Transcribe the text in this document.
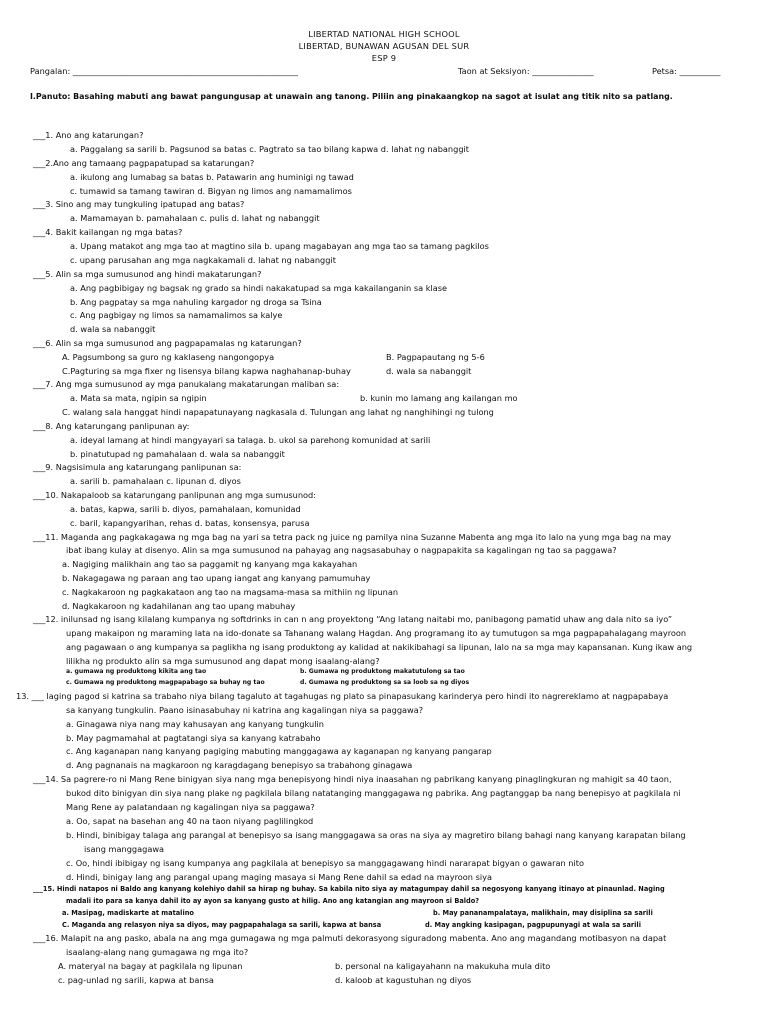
LIBERTAD NATIONAL HIGH SCHOOL
LIBERTAD, BUNAWAN AGUSAN DEL SUR
ESP 9
Pangalan: _______________________________________________________	Taon at Seksiyon: _______________	Petsa: __________
I.Panuto: Basahing mabuti ang bawat pangungusap at unawain ang tanong. Piliin ang pinakaangkop na sagot at isulat ang titik nito sa patlang.
___1. Ano ang katarungan?
a. Paggalang sa sarili b. Pagsunod sa batas c. Pagtrato sa tao bilang kapwa d. lahat ng nabanggit
___2.Ano ang tamaang pagpapatupad sa katarungan?
a. ikulong ang lumabag sa batas b. Patawarin ang huminigi ng tawad
c. tumawid sa tamang tawiran d. Bigyan ng limos ang namamalimos
___3. Sino ang may tungkuling ipatupad ang batas?
a. Mamamayan b. pamahalaan c. pulis d. lahat ng nabanggit
___4. Bakit kailangan ng mga batas?
a. Upang matakot ang mga tao at magtino sila b. upang magabayan ang mga tao sa tamang pagkilos
c. upang parusahan ang mga nagkakamali d. lahat ng nabanggit
___5. Alin sa mga sumusunod ang hindi makatarungan?
a. Ang pagbibigay ng bagsak ng grado sa hindi nakakatupad sa mga kakailanganin sa klase
b. Ang pagpatay sa mga nahuling kargador ng droga sa Tsina
c. Ang pagbigay ng limos sa namamalimos sa kalye
d. wala sa nabanggit
___6. Alin sa mga sumusunod ang pagpapamalas ng katarungan?
A. Pagsumbong sa guro ng kaklaseng nangongopya	B. Pagpapautang ng 5-6
C.Pagturing sa mga fixer ng lisensya bilang kapwa naghahanap-buhay	d. wala sa nabanggit
___7. Ang mga sumusunod ay mga panukalang makatarungan maliban sa:
a. Mata sa mata, ngipin sa ngipin	b. kunin mo lamang ang kailangan mo
C. walang sala hanggat hindi napapatunayang nagkasala d. Tulungan ang lahat ng nanghihingi ng tulong
___8. Ang katarungang panlipunan ay:
a. ideyal lamang at hindi mangyayari sa talaga. b. ukol sa parehong komunidad at sarili
b. pinatutupad ng pamahalaan d. wala sa nabanggit
___9. Nagsisimula ang katarungang panlipunan sa:
a. sarili b. pamahalaan c. lipunan d. diyos
___10. Nakapaloob sa katarungang panlipunan ang mga sumusunod:
a. batas, kapwa, sarili b. diyos, pamahalaan, komunidad
c. baril, kapangyarihan, rehas d. batas, konsensya, parusa
___11. Maganda ang pagkakagawa ng mga bag na yari sa tetra pack ng juice ng pamilya nina Suzanne Mabenta ang mga ito lalo na yung mga bag na may
ibat ibang kulay at disenyo. Alin sa mga sumusunod na pahayag ang nagsasabuhay o nagpapakita sa kagalingan ng tao sa paggawa?
a. Nagiging malikhain ang tao sa paggamit ng kanyang mga kakayahan
b. Nakagagawa ng paraan ang tao upang iangat ang kanyang pamumuhay
c. Nagkakaroon ng pagkakataon ang tao na magsama-masa sa mithiin ng lipunan
d. Nagkakaroon ng kadahilanan ang tao upang mabuhay
___12. inilunsad ng isang kilalang kumpanya ng softdrinks in can n ang proyektong “Ang latang naitabi mo, panibagong pamatid uhaw ang dala nito sa iyo”
upang makaipon ng maraming lata na ido-donate sa Tahanang walang Hagdan. Ang programang ito ay tumutugon sa mga pagpapahalagang mayroon
ang pagawaan o ang kumpanya sa paglikha ng isang produktong ay kalidad at nakikibahagi sa lipunan, lalo na sa mga may kapansanan. Kung ikaw ang
lilikha ng produkto alin sa mga sumusunod ang dapat mong isaalang-alang?
a. gumawa ng produktong kikita ang tao	b. Gumawa ng produktong makatutulong sa tao
c. Gumawa ng produktong magpapabago sa buhay ng tao	d. Gumawa ng produktong sa sa loob sa ng diyos
13. ___ laging pagod si katrina sa trabaho niya bilang tagaluto at tagahugas ng plato sa pinapasukang karinderya pero hindi ito nagrereklamo at nagpapabaya
sa kanyang tungkulin. Paano isinasabuhay ni katrina ang kagalingan niya sa paggawa?
a. Ginagawa niya nang may kahusayan ang kanyang tungkulin
b. May pagmamahal at pagtatangi siya sa kanyang katrabaho
c. Ang kaganapan nang kanyang pagiging mabuting manggagawa ay kaganapan ng kanyang pangarap
d. Ang pagnanais na magkaroon ng karagdagang benepisyo sa trabahong ginagawa
___14. Sa pagrere-ro ni Mang Rene binigyan siya nang mga benepisyong hindi niya inaasahan ng pabrikang kanyang pinaglingkuran ng mahigit sa 40 taon,
bukod dito binigyan din siya nang plake ng pagkilala bilang natatanging manggagawa ng pabrika. Ang pagtanggap ba nang benepisyo at pagkilala ni
Mang Rene ay palatandaan ng kagalingan niya sa paggawa?
a. Oo, sapat na basehan ang 40 na taon niyang paglilingkod
b. Hindi, binibigay talaga ang parangal at benepisyo sa isang manggagawa sa oras na siya ay magretiro bilang bahagi nang kanyang karapatan bilang
isang manggagawa
c. Oo, hindi ibibigay ng isang kumpanya ang pagkilala at benepisyo sa manggagawang hindi nararapat bigyan o gawaran nito
d. Hindi, binigay lang ang parangal upang maging masaya si Mang Rene dahil sa edad na mayroon siya
___15. Hindi natapos ni Baldo ang kanyang kolehiyo dahil sa hirap ng buhay. Sa kabila nito siya ay matagumpay dahil sa negosyong kanyang itinayo at pinaunlad. Naging
madali ito para sa kanya dahil ito ay ayon sa kanyang gusto at hilig. Ano ang katangian ang mayroon si Baldo?
a. Masipag, madiskarte at matalino	b. May pananampalataya, malikhain, may disiplina sa sarili
C. Maganda ang relasyon niya sa diyos, may pagpapahalaga sa sarili, kapwa at bansa	d. May angking kasipagan, pagpupunyagi at wala sa sarili
___16. Malapit na ang pasko, abala na ang mga gumagawa ng mga palmuti dekorasyong siguradong mabenta. Ano ang magandang motibasyon na dapat
isaalang-alang nang gumagawa ng mga ito?
A. materyal na bagay at pagkilala ng lipunan	b. personal na kaligayahann na makukuha mula dito
c. pag-unlad ng sarili, kapwa at bansa	d. kaloob at kagustuhan ng diyos
